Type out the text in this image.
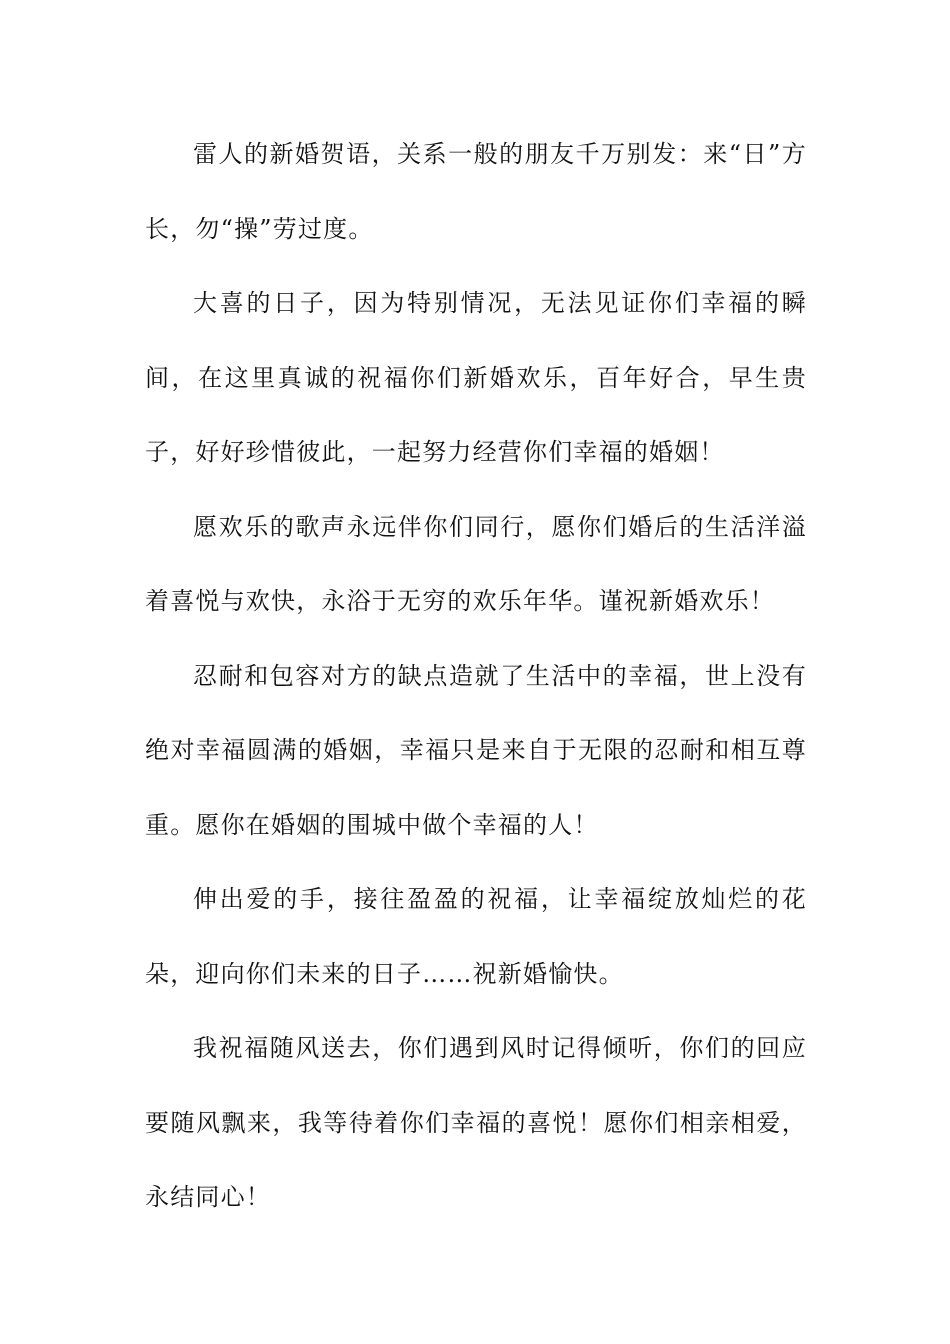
雷人的新婚贺语，关系一般的朋友千万别发：来“日”方长，勿“操”劳过度。

大喜的日子，因为特别情况，无法见证你们幸福的瞬间，在这里真诚的祝福你们新婚欢乐，百年好合，早生贵子，好好珍惜彼此，一起努力经营你们幸福的婚姻！

愿欢乐的歌声永远伴你们同行，愿你们婚后的生活洋溢着喜悦与欢快，永浴于无穷的欢乐年华。谨祝新婚欢乐！

忍耐和包容对方的缺点造就了生活中的幸福，世上没有绝对幸福圆满的婚姻，幸福只是来自于无限的忍耐和相互尊重。愿你在婚姻的围城中做个幸福的人！

伸出爱的手，接往盈盈的祝福，让幸福绽放灿烂的花朵，迎向你们未来的日子……祝新婚愉快。

我祝福随风送去，你们遇到风时记得倾听，你们的回应要随风飘来，我等待着你们幸福的喜悦！愿你们相亲相爱，永结同心！
